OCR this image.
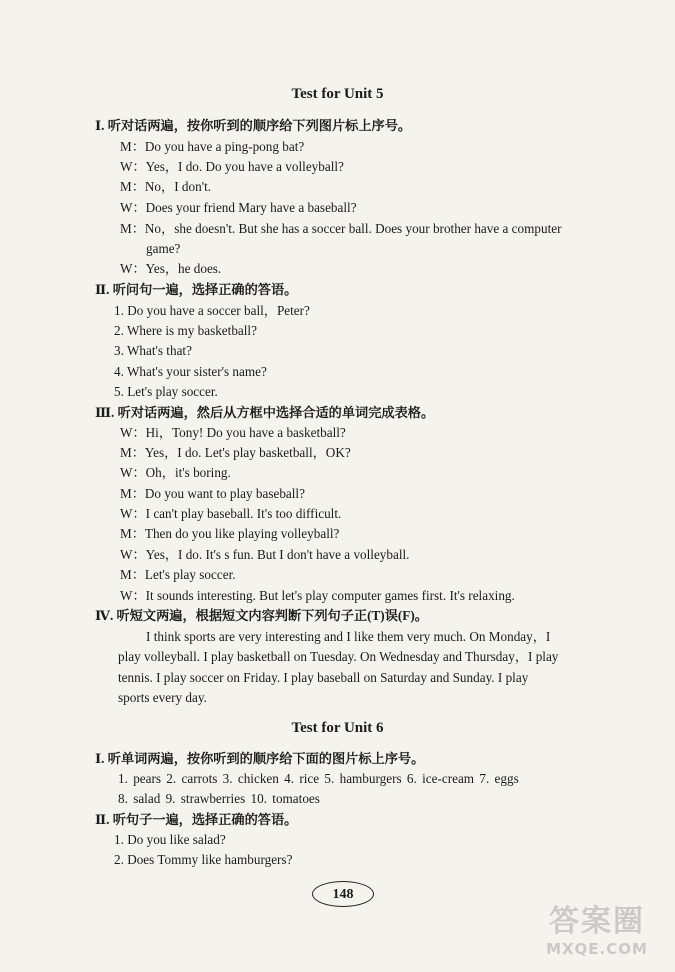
Test for Unit 5
Ⅰ. 听对话两遍，按你听到的顺序给下列图片标上序号。
M：Do you have a ping-pong bat?
W：Yes，I do. Do you have a volleyball?
M：No，I don't.
W：Does your friend Mary have a baseball?
M：No，she doesn't. But she has a soccer ball. Does your brother have a computer
game?
W：Yes，he does.
Ⅱ. 听问句一遍，选择正确的答语。
1. Do you have a soccer ball，Peter?
2. Where is my basketball?
3. What's that?
4. What's your sister's name?
5. Let's play soccer.
Ⅲ. 听对话两遍，然后从方框中选择合适的单词完成表格。
W：Hi，Tony! Do you have a basketball?
M：Yes，I do. Let's play basketball，OK?
W：Oh，it's boring.
M：Do you want to play baseball?
W：I can't play baseball. It's too difficult.
M：Then do you like playing volleyball?
W：Yes，I do. It's s fun. But I don't have a volleyball.
M：Let's play soccer.
W：It sounds interesting. But let's play computer games first. It's relaxing.
Ⅳ. 听短文两遍，根据短文内容判断下列句子正(T)误(F)。
I think sports are very interesting and I like them very much. On Monday，I
play volleyball. I play basketball on Tuesday. On Wednesday and Thursday，I play
tennis. I play soccer on Friday. I play baseball on Saturday and Sunday. I play
sports every day.
Test for Unit 6
Ⅰ. 听单词两遍，按你听到的顺序给下面的图片标上序号。
1. pears 2. carrots 3. chicken 4. rice 5. hamburgers 6. ice-cream 7. eggs
8. salad 9. strawberries 10. tomatoes
Ⅱ. 听句子一遍，选择正确的答语。
1. Do you like salad?
2. Does Tommy like hamburgers?
148
答案圈
MXQE.COM
